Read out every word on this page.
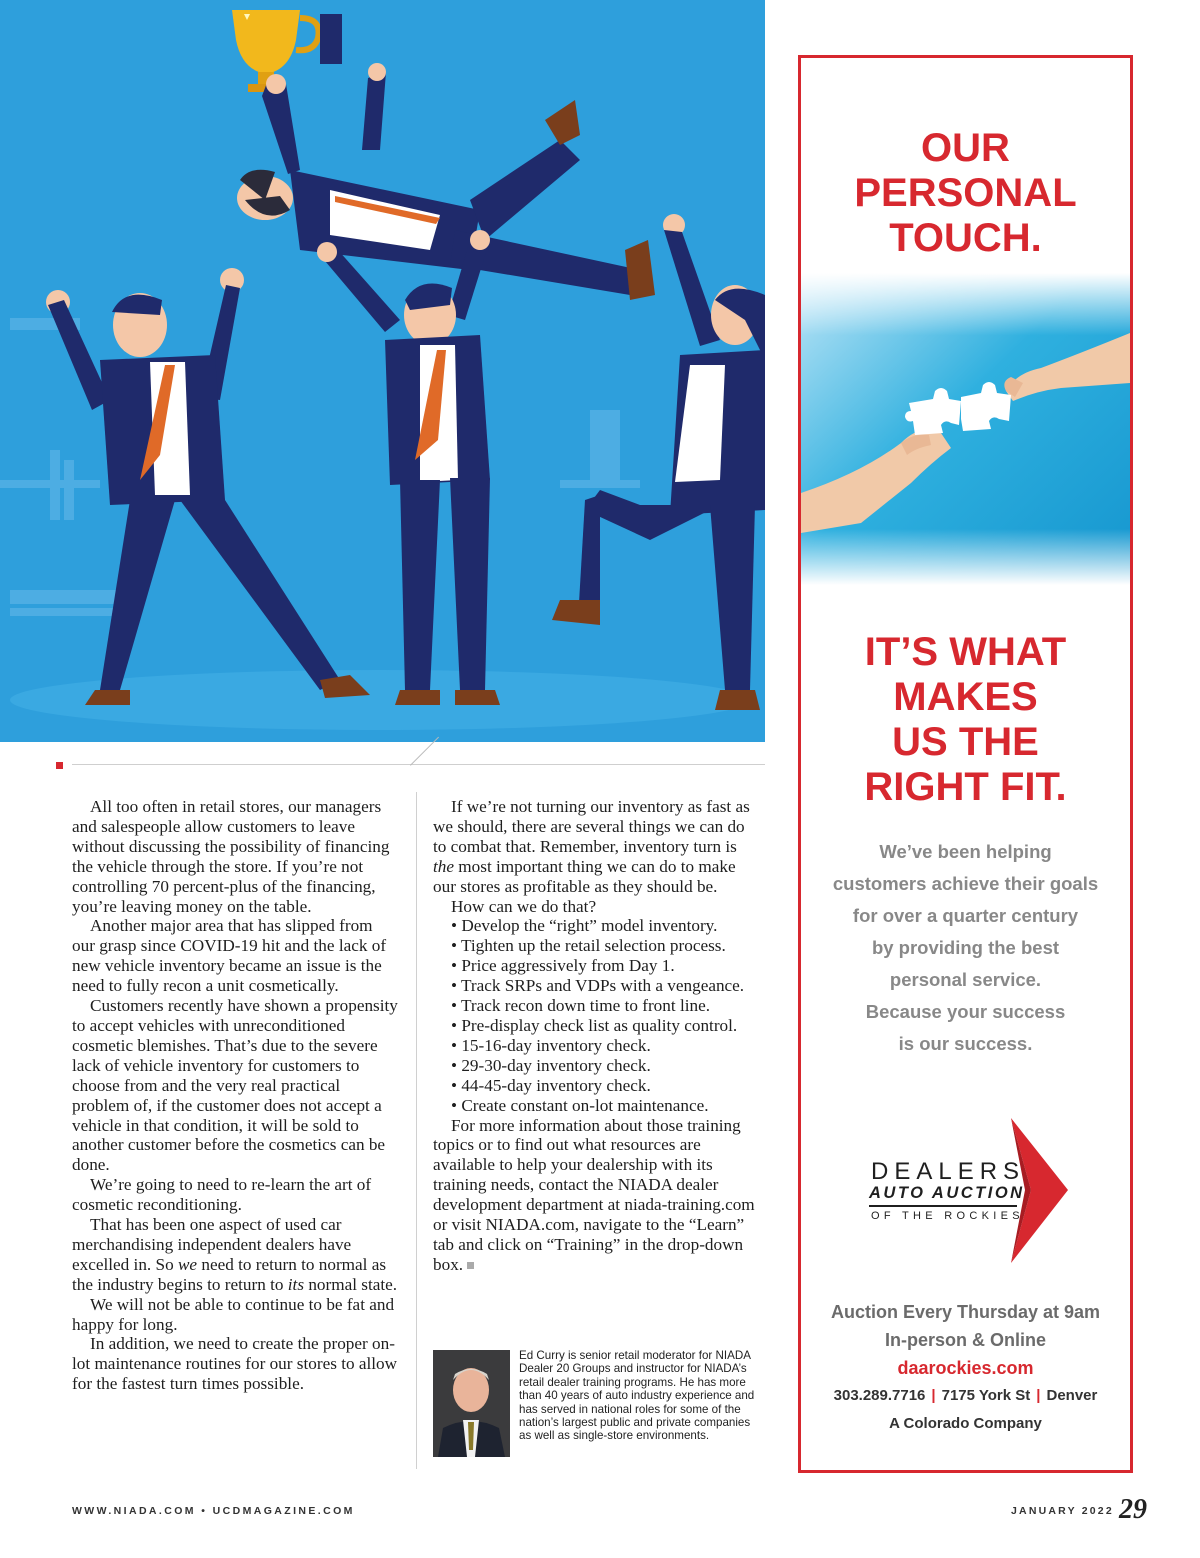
All too often in retail stores, our managers and salespeople allow customers to leave without discussing the possibility of financing the vehicle through the store. If you’re not controlling 70 percent-plus of the financing, you’re leaving money on the table.

Another major area that has slipped from our grasp since COVID-19 hit and the lack of new vehicle inventory became an issue is the need to fully recon a unit cosmetically.

Customers recently have shown a propensity to accept vehicles with unreconditioned cosmetic blemishes. That’s due to the severe lack of vehicle inventory for customers to choose from and the very real practical problem of, if the customer does not accept a vehicle in that condition, it will be sold to another customer before the cosmetics can be done.

We’re going to need to re-learn the art of cosmetic reconditioning.

That has been one aspect of used car merchandising independent dealers have excelled in. So we need to return to normal as the industry begins to return to its normal state.

We will not be able to continue to be fat and happy for long.

In addition, we need to create the proper on-lot maintenance routines for our stores to allow for the fastest turn times possible.

If we’re not turning our inventory as fast as we should, there are several things we can do to combat that. Remember, inventory turn is the most important thing we can do to make our stores as profitable as they should be.

How can we do that?

• Develop the “right” model inventory.
• Tighten up the retail selection process.
• Price aggressively from Day 1.
• Track SRPs and VDPs with a vengeance.
• Track recon down time to front line.
• Pre-display check list as quality control.
• 15-16-day inventory check.
• 29-30-day inventory check.
• 44-45-day inventory check.
• Create constant on-lot maintenance.

For more information about those training topics or to find out what resources are available to help your dealership with its training needs, contact the NIADA dealer development department at niada-training.com or visit NIADA.com, navigate to the “Learn” tab and click on “Training” in the drop-down box.

Ed Curry is senior retail moderator for NIADA Dealer 20 Groups and instructor for NIADA’s retail dealer training programs. He has more than 40 years of auto industry experience and has served in national roles for some of the nation’s largest public and private companies as well as single-store environments.
WWW.NIADA.COM • UCDMAGAZINE.COM	JANUARY 2022 29
OUR
PERSONAL
TOUCH.
IT’S WHAT
MAKES
US THE
RIGHT FIT.
We’ve been helping
customers achieve their goals
for over a quarter century
by providing the best
personal service.
Because your success
is our success.
DEALERS
AUTO AUCTION
OF THE ROCKIES
Auction Every Thursday at 9am
In-person & Online
daarockies.com
303.289.7716 | 7175 York St | Denver
A Colorado Company
